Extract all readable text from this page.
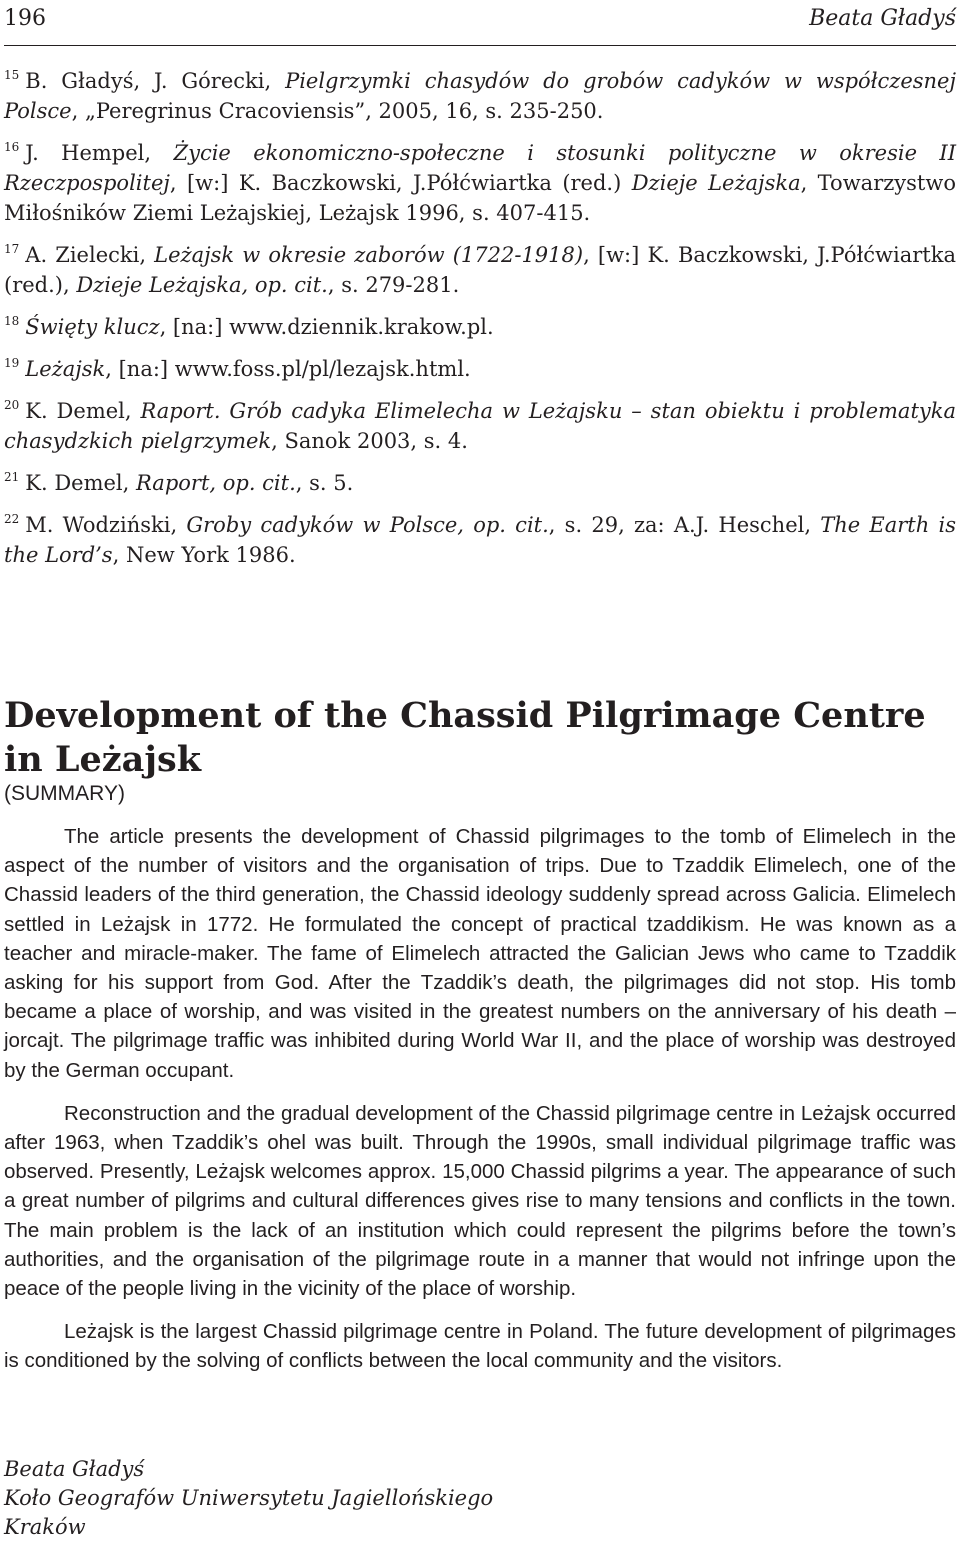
196	Beata Gładyś
$^{15}$ B. Gładyś, J. Górecki, Pielgrzymki chasydów do grobów cadyków w współczesnej Polsce, „Peregrinus Cracoviensis”, 2005, 16, s. 235-250.
$^{16}$ J. Hempel, Życie ekonomiczno-społeczne i stosunki polityczne w okresie II Rzeczpospolitej, [w:] K. Baczkowski, J.Półćwiartka (red.) Dzieje Leżajska, Towarzystwo Miłośników Ziemi Leżajskiej, Leżajsk 1996, s. 407-415.
$^{17}$ A. Zielecki, Leżajsk w okresie zaborów (1722-1918), [w:] K. Baczkowski, J.Półćwiartka (red.), Dzieje Leżajska, op. cit., s. 279-281.
$^{18}$ Święty klucz, [na:] www.dziennik.krakow.pl.
$^{19}$ Leżajsk, [na:] www.foss.pl/pl/lezajsk.html.
$^{20}$ K. Demel, Raport. Grób cadyka Elimelecha w Leżajsku – stan obiektu i problematyka chasydzkich pielgrzymek, Sanok 2003, s. 4.
$^{21}$ K. Demel, Raport, op. cit., s. 5.
$^{22}$ M. Wodziński, Groby cadyków w Polsce, op. cit., s. 29, za: A.J. Heschel, The Earth is the Lord’s, New York 1986.
Development of the Chassid Pilgrimage Centre in Leżajsk
(SUMMARY)

The article presents the development of Chassid pilgrimages to the tomb of Elimelech in the aspect of the number of visitors and the organisation of trips. Due to Tzaddik Elimelech, one of the Chassid leaders of the third generation, the Chassid ideology suddenly spread across Galicia. Elimelech settled in Leżajsk in 1772. He formulated the concept of practical tzaddikism. He was known as a teacher and miracle-maker. The fame of Elimelech attracted the Galician Jews who came to Tzaddik asking for his support from God. After the Tzaddik’s death, the pilgrimages did not stop. His tomb became a place of worship, and was visited in the greatest numbers on the anniversary of his death – jorcajt. The pilgrimage traffic was inhibited during World War II, and the place of worship was destroyed by the German occupant.

Reconstruction and the gradual development of the Chassid pilgrimage centre in Leżajsk occurred after 1963, when Tzaddik’s ohel was built. Through the 1990s, small individual pilgrimage traffic was observed. Presently, Leżajsk welcomes approx. 15,000 Chassid pilgrims a year. The appearance of such a great number of pilgrims and cultural differences gives rise to many tensions and conflicts in the town. The main problem is the lack of an institution which could represent the pilgrims before the town’s authorities, and the organisation of the pilgrimage route in a manner that would not infringe upon the peace of the people living in the vicinity of the place of worship.

Leżajsk is the largest Chassid pilgrimage centre in Poland. The future development of pilgrimages is conditioned by the solving of conflicts between the local community and the visitors.

Beata Gładyś
Koło Geografów Uniwersytetu Jagiellońskiego
Kraków
